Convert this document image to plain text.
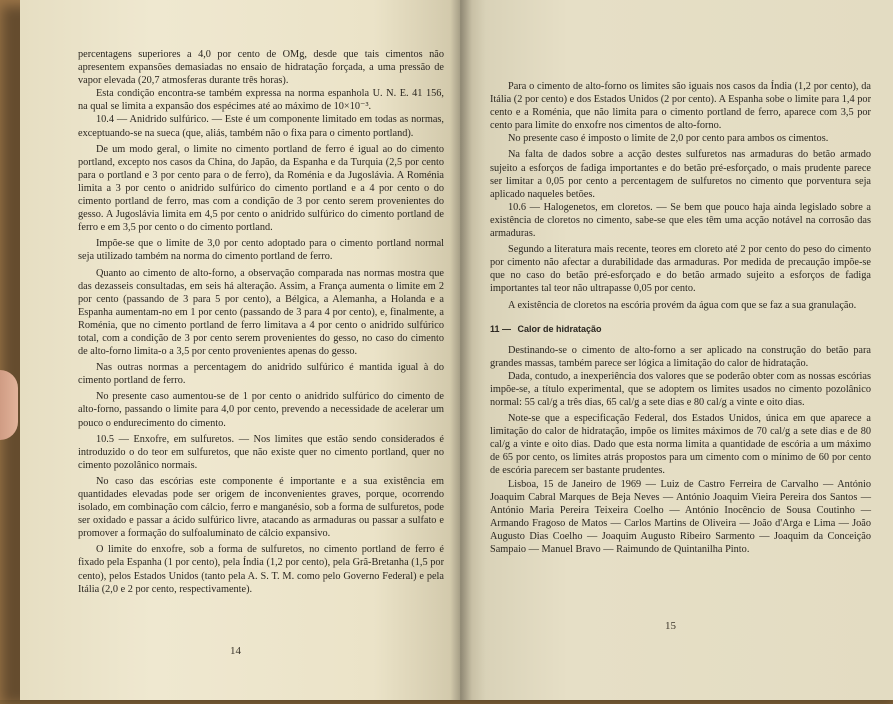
percentagens superiores a 4,0 por cento de OMg, desde que tais cimentos não apresentem expansões demasiadas no ensaio de hidratação forçada, a uma pressão de vapor elevada (20,7 atmosferas durante três horas).

Esta condição encontra-se também expressa na norma espanhola U. N. E. 41 156, na qual se limita a expansão dos espécimes até ao máximo de 10×10⁻³.

10.4 — Anidrido sulfúrico. — Este é um componente limitado em todas as normas, exceptuando-se na sueca (que, aliás, também não o fixa para o cimento portland).

De um modo geral, o limite no cimento portland de ferro é igual ao do cimento portland, excepto nos casos da China, do Japão, da Espanha e da Turquia (2,5 por cento para o portland e 3 por cento para o de ferro), da Roménia e da Jugoslávia. A Roménia limita a 3 por cento o anidrido sulfúrico do cimento portland e a 4 por cento o do cimento portland de ferro, mas com a condição de 3 por cento serem provenientes do gesso. A Jugoslávia limita em 4,5 por cento o anidrido sulfúrico do cimento portland de ferro e em 3,5 por cento o do cimento portland.

Impõe-se que o limite de 3,0 por cento adoptado para o cimento portland normal seja utilizado também na norma do cimento portland de ferro.

Quanto ao cimento de alto-forno, a observação comparada nas normas mostra que das dezasseis consultadas, em seis há alteração. Assim, a França aumenta o limite em 2 por cento (passando de 3 para 5 por cento), a Bélgica, a Alemanha, a Holanda e a Espanha aumentam-no em 1 por cento (passando de 3 para 4 por cento), e, finalmente, a Roménia, que no cimento portland de ferro limitava a 4 por cento o anidrido sulfúrico total, com a condição de 3 por cento serem provenientes do gesso, no caso do cimento de alto-forno limita-o a 3,5 por cento provenientes apenas do gesso.

Nas outras normas a percentagem do anidrido sulfúrico é mantida igual à do cimento portland de ferro.

No presente caso aumentou-se de 1 por cento o anidrido sulfúrico do cimento de alto-forno, passando o limite para 4,0 por cento, prevendo a necessidade de acelerar um pouco o endurecimento do cimento.

10.5 — Enxofre, em sulfuretos. — Nos limites que estão sendo considerados é introduzido o do teor em sulfuretos, que não existe quer no cimento portland, quer no cimento pozolânico normais.

No caso das escórias este componente é importante e a sua existência em quantidades elevadas pode ser origem de inconvenientes graves, porque, ocorrendo isolado, em combinação com cálcio, ferro e manganésio, sob a forma de sulfuretos, pode ser oxidado e passar a ácido sulfúrico livre, atacando as armaduras ou passar a sulfato e promover a formação do sulfoaluminato de cálcio expansivo.

O limite do enxofre, sob a forma de sulfuretos, no cimento portland de ferro é fixado pela Espanha (1 por cento), pela Índia (1,2 por cento), pela Grã-Bretanha (1,5 por cento), pelos Estados Unidos (tanto pela A. S. T. M. como pelo Governo Federal) e pela Itália (2,0 e 2 por cento, respectivamente).

14

Para o cimento de alto-forno os limites são iguais nos casos da Índia (1,2 por cento), da Itália (2 por cento) e dos Estados Unidos (2 por cento). A Espanha sobe o limite para 1,4 por cento e a Roménia, que não limita para o cimento portland de ferro, aparece com 3,5 por cento para limite do enxofre nos cimentos de alto-forno.

No presente caso é imposto o limite de 2,0 por cento para ambos os cimentos.

Na falta de dados sobre a acção destes sulfuretos nas armaduras do betão armado sujeito a esforços de fadiga importantes e do betão pré-esforçado, o mais prudente parece ser limitar a 0,05 por cento a percentagem de sulfuretos no cimento que porventura seja aplicado naqueles betões.

10.6 — Halogenetos, em cloretos. — Se bem que pouco haja ainda legislado sobre a existência de cloretos no cimento, sabe-se que eles têm uma acção notável na corrosão das armaduras.

Segundo a literatura mais recente, teores em cloreto até 2 por cento do peso do cimento por cimento não afectar a durabilidade das armaduras. Por medida de precaução impõe-se que no caso do betão pré-esforçado e do betão armado sujeito a esforços de fadiga importantes tal teor não ultrapasse 0,05 por cento.

A existência de cloretos na escória provém da água com que se faz a sua granulação.

11 — Calor de hidratação

Destinando-se o cimento de alto-forno a ser aplicado na construção do betão para grandes massas, também parece ser lógica a limitação do calor de hidratação.

Dada, contudo, a inexperiência dos valores que se poderão obter com as nossas escórias impõe-se, a título experimental, que se adoptem os limites usados no cimento pozolânico normal: 55 cal/g a três dias, 65 cal/g a sete dias e 80 cal/g a vinte e oito dias.

Note-se que a especificação Federal, dos Estados Unidos, única em que aparece a limitação do calor de hidratação, impõe os limites máximos de 70 cal/g a sete dias e de 80 cal/g a vinte e oito dias. Dado que esta norma limita a quantidade de escória a um máximo de 65 por cento, os limites atrás propostos para um cimento com o mínimo de 60 por cento de escória parecem ser bastante prudentes.

Lisboa, 15 de Janeiro de 1969 — Luiz de Castro Ferreira de Carvalho — António Joaquim Cabral Marques de Beja Neves — António Joaquim Vieira Pereira dos Santos — António Maria Pereira Teixeira Coelho — António Inocêncio de Sousa Coutinho — Armando Fragoso de Matos — Carlos Martins de Oliveira — João d'Arga e Lima — João Augusto Dias Coelho — Joaquim Augusto Ribeiro Sarmento — Joaquim da Conceição Sampaio — Manuel Bravo — Raimundo de Quintanilha Pinto.

15
